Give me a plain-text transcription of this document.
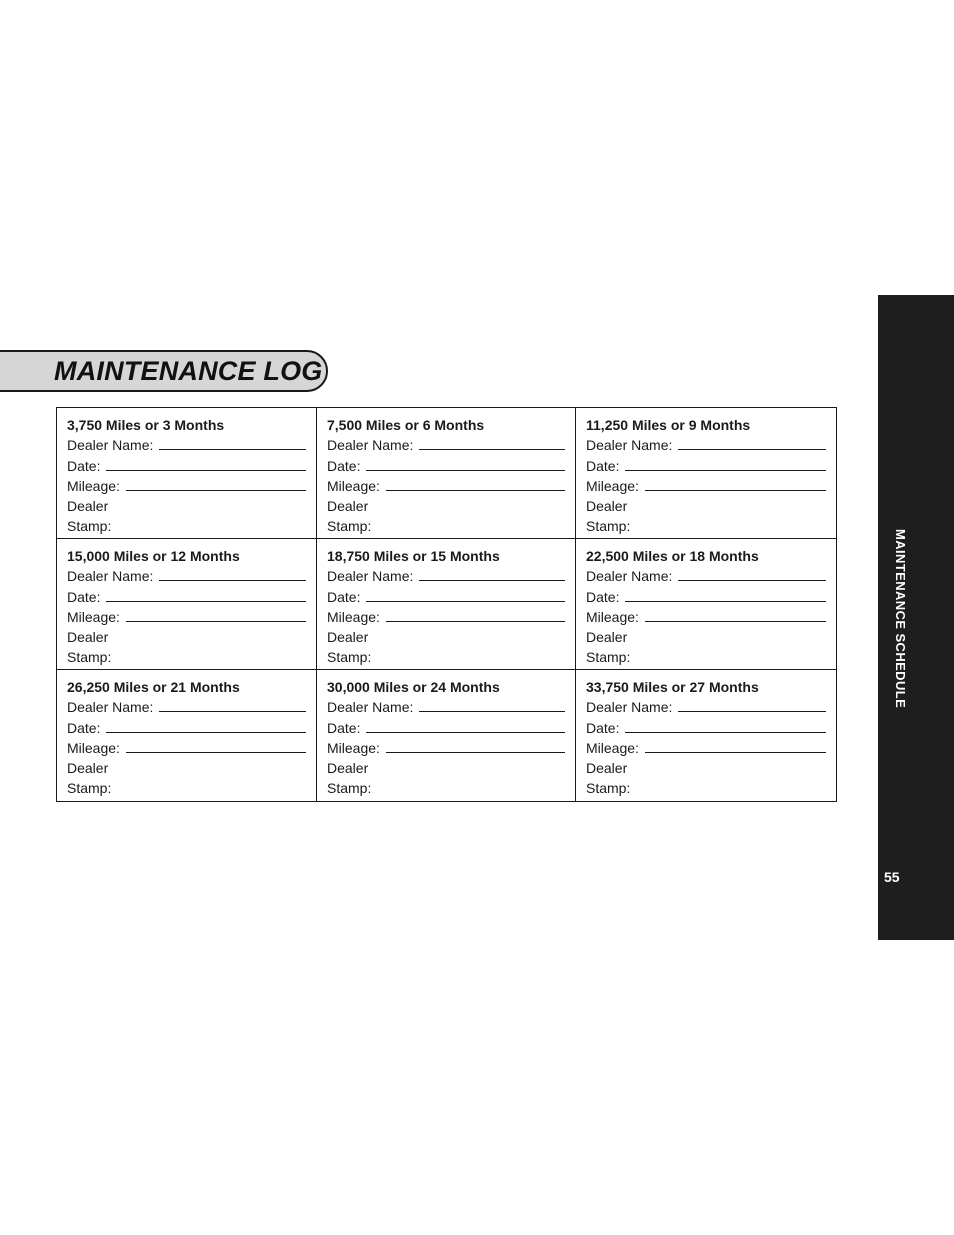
MAINTENANCE LOG
MAINTENANCE SCHEDULE
55
3,750 Miles or 3 Months
Dealer Name:
Date:
Mileage:
Dealer
Stamp:
7,500 Miles or 6 Months
Dealer Name:
Date:
Mileage:
Dealer
Stamp:
11,250 Miles or 9 Months
Dealer Name:
Date:
Mileage:
Dealer
Stamp:
15,000 Miles or 12 Months
Dealer Name:
Date:
Mileage:
Dealer
Stamp:
18,750 Miles or 15 Months
Dealer Name:
Date:
Mileage:
Dealer
Stamp:
22,500 Miles or 18 Months
Dealer Name:
Date:
Mileage:
Dealer
Stamp:
26,250 Miles or 21 Months
Dealer Name:
Date:
Mileage:
Dealer
Stamp:
30,000 Miles or 24 Months
Dealer Name:
Date:
Mileage:
Dealer
Stamp:
33,750 Miles or 27 Months
Dealer Name:
Date:
Mileage:
Dealer
Stamp:
